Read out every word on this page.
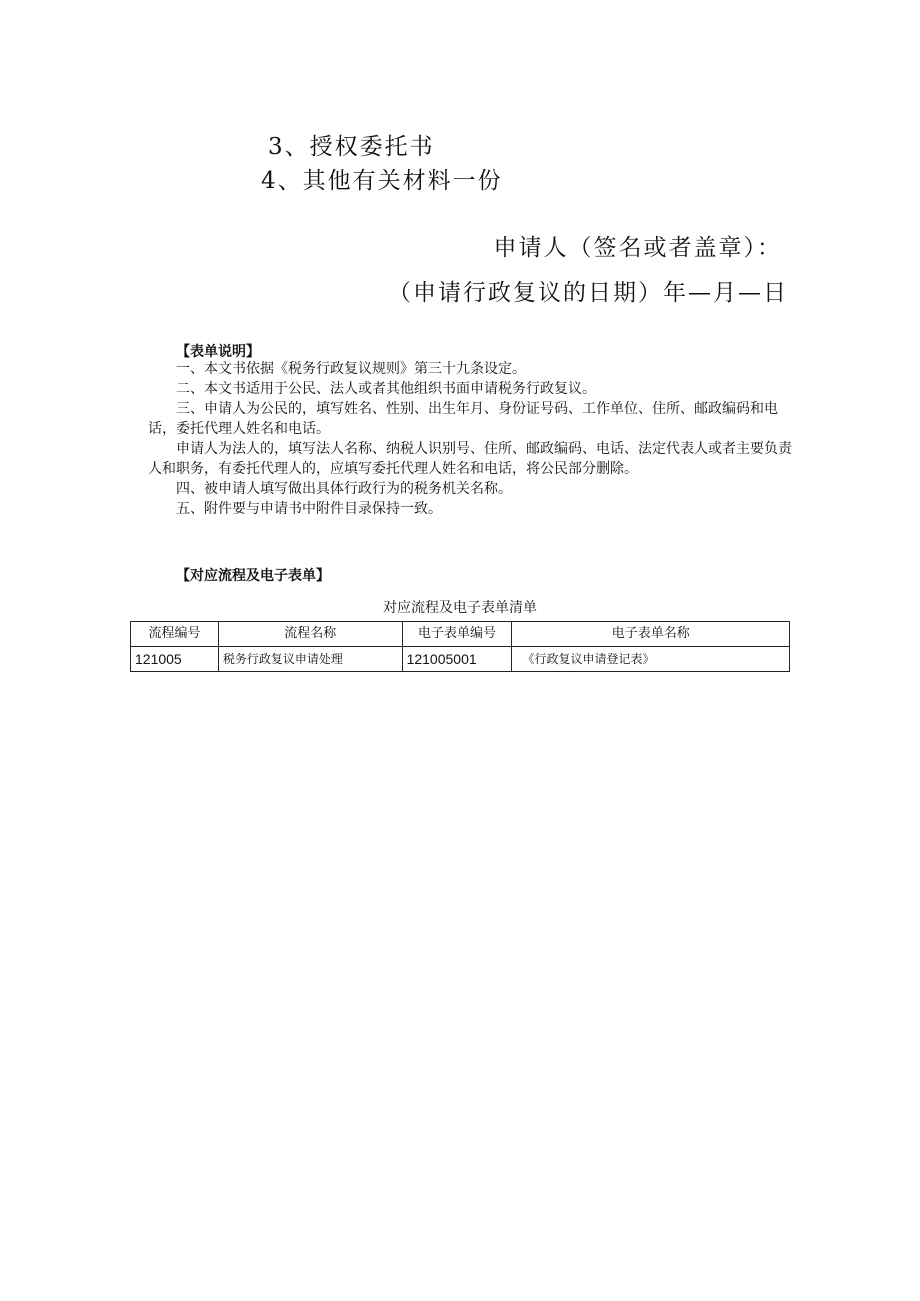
3、授权委托书
4、其他有关材料一份
申请人（签名或者盖章）：
（申请行政复议的日期）年—月—日
【表单说明】

一、本文书依据《税务行政复议规则》第三十九条设定。

二、本文书适用于公民、法人或者其他组织书面申请税务行政复议。

三、申请人为公民的，填写姓名、性别、出生年月、身份证号码、工作单位、住所、邮政编码和电话，委托代理人姓名和电话。

申请人为法人的，填写法人名称、纳税人识别号、住所、邮政编码、电话、法定代表人或者主要负责人和职务，有委托代理人的，应填写委托代理人姓名和电话，将公民部分删除。

四、被申请人填写做出具体行政行为的税务机关名称。

五、附件要与申请书中附件目录保持一致。

【对应流程及电子表单】
对应流程及电子表单清单
流程编号	流程名称	电子表单编号	电子表单名称
121005	税务行政复议申请处理	121005001	《行政复议申请登记表》
